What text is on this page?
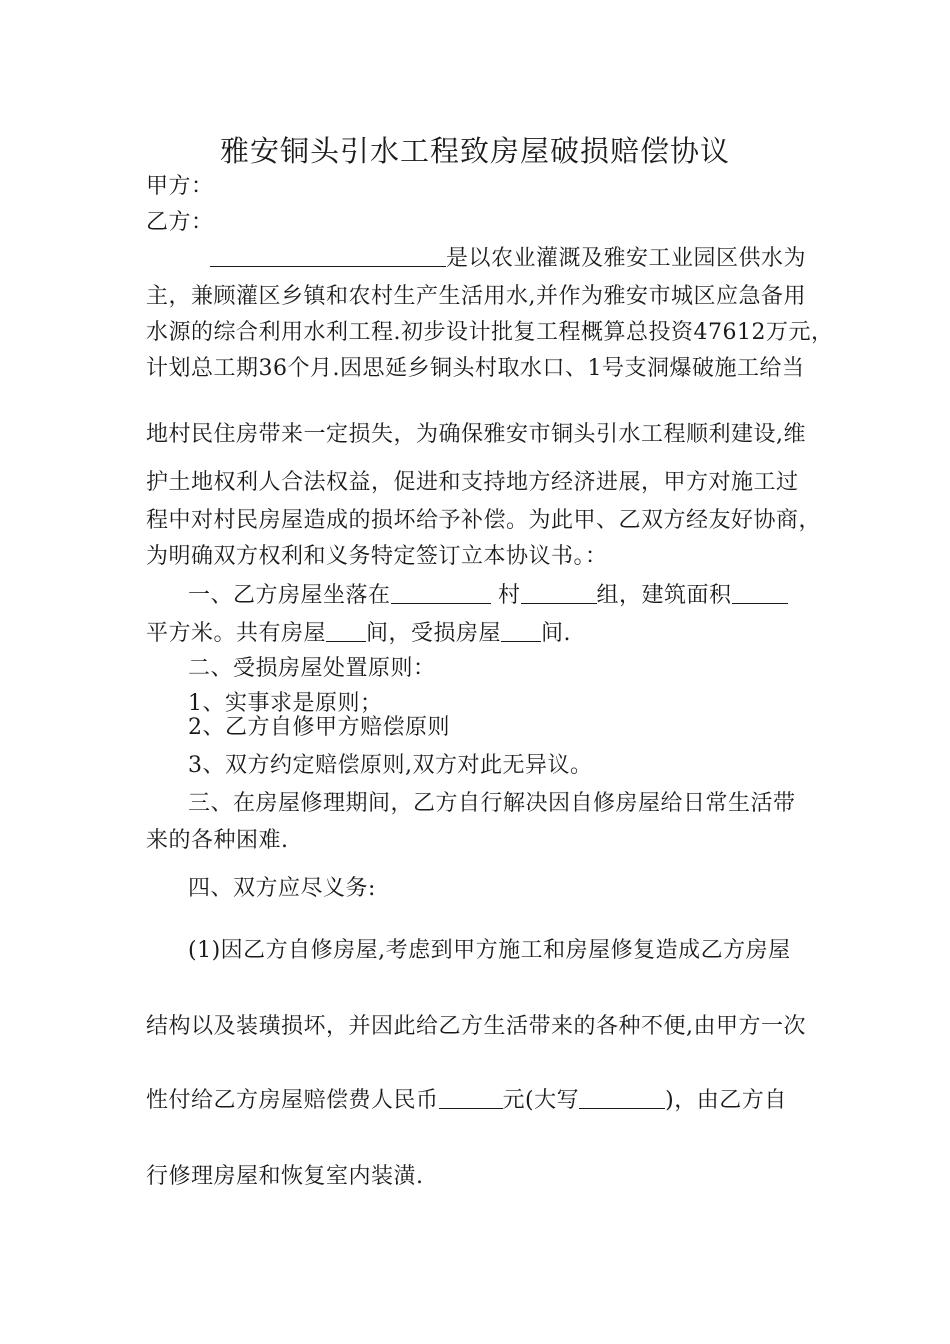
雅安铜头引水工程致房屋破损赔偿协议
甲方：
乙方：
是以农业灌溉及雅安工业园区供水为
主，兼顾灌区乡镇和农村生产生活用水,并作为雅安市城区应急备用
水源的综合利用水利工程.初步设计批复工程概算总投资47612万元，
计划总工期36个月.因思延乡铜头村取水口、1号支洞爆破施工给当
地村民住房带来一定损失，为确保雅安市铜头引水工程顺利建设,维
护土地权利人合法权益，促进和支持地方经济进展，甲方对施工过
程中对村民房屋造成的损坏给予补偿。为此甲、乙双方经友好协商，
为明确双方权利和义务特定签订立本协议书。：
一、乙方房屋坐落在	村	组，建筑面积
平方米。共有房屋 间，受损房屋 间.
二、受损房屋处置原则：
1、实事求是原则；
2、乙方自修甲方赔偿原则
3、双方约定赔偿原则,双方对此无异议。
三、在房屋修理期间，乙方自行解决因自修房屋给日常生活带
来的各种困难.
四、双方应尽义务:
(1)因乙方自修房屋,考虑到甲方施工和房屋修复造成乙方房屋
结构以及装璜损坏，并因此给乙方生活带来的各种不便,由甲方一次
性付给乙方房屋赔偿费人民币	元(大写	)，由乙方自
行修理房屋和恢复室内装潢.
